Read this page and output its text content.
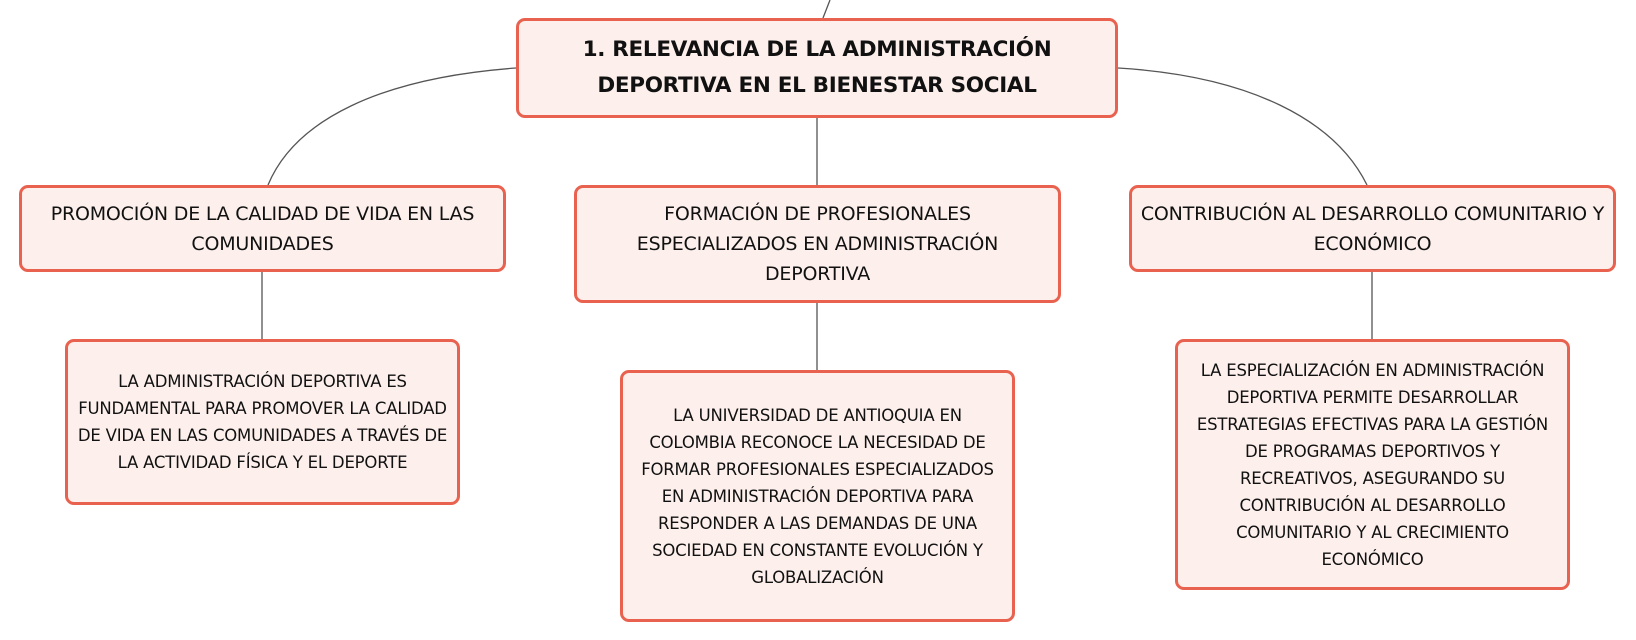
1. RELEVANCIA DE LA ADMINISTRACIÓN DEPORTIVA EN EL BIENESTAR SOCIAL
PROMOCIÓN DE LA CALIDAD DE VIDA EN LAS COMUNIDADES
FORMACIÓN DE PROFESIONALES ESPECIALIZADOS EN ADMINISTRACIÓN DEPORTIVA
CONTRIBUCIÓN AL DESARROLLO COMUNITARIO Y ECONÓMICO
LA ADMINISTRACIÓN DEPORTIVA ES FUNDAMENTAL PARA PROMOVER LA CALIDAD DE VIDA EN LAS COMUNIDADES A TRAVÉS DE LA ACTIVIDAD FÍSICA Y EL DEPORTE
LA UNIVERSIDAD DE ANTIOQUIA EN COLOMBIA RECONOCE LA NECESIDAD DE FORMAR PROFESIONALES ESPECIALIZADOS EN ADMINISTRACIÓN DEPORTIVA PARA RESPONDER A LAS DEMANDAS DE UNA SOCIEDAD EN CONSTANTE EVOLUCIÓN Y GLOBALIZACIÓN
LA ESPECIALIZACIÓN EN ADMINISTRACIÓN DEPORTIVA PERMITE DESARROLLAR ESTRATEGIAS EFECTIVAS PARA LA GESTIÓN DE PROGRAMAS DEPORTIVOS Y RECREATIVOS, ASEGURANDO SU CONTRIBUCIÓN AL DESARROLLO COMUNITARIO Y AL CRECIMIENTO ECONÓMICO
